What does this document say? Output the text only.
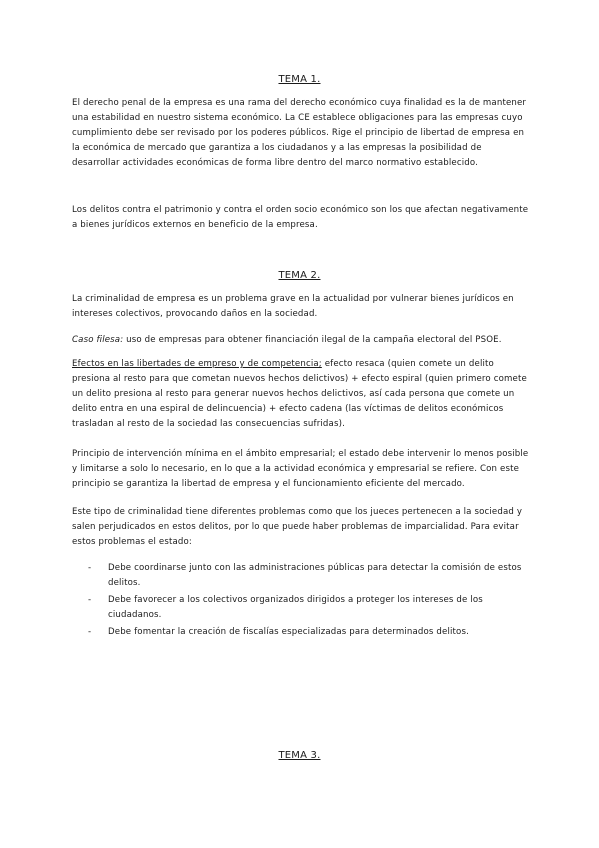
TEMA 1.

El derecho penal de la empresa es una rama del derecho económico cuya finalidad es la de mantener una estabilidad en nuestro sistema económico. La CE establece obligaciones para las empresas cuyo cumplimiento debe ser revisado por los poderes públicos. Rige el principio de libertad de empresa en la económica de mercado que garantiza a los ciudadanos y a las empresas la posibilidad de desarrollar actividades económicas de forma libre dentro del marco normativo establecido.

Los delitos contra el patrimonio y contra el orden socio económico son los que afectan negativamente a bienes jurídicos externos en beneficio de la empresa.

TEMA 2.

La criminalidad de empresa es un problema grave en la actualidad por vulnerar bienes jurídicos en intereses colectivos, provocando daños en la sociedad.

Caso filesa: uso de empresas para obtener financiación ilegal de la campaña electoral del PSOE.

Efectos en las libertades de empreso y de competencia; efecto resaca (quien comete un delito presiona al resto para que cometan nuevos hechos delictivos) + efecto espiral (quien primero comete un delito presiona al resto para generar nuevos hechos delictivos, así cada persona que comete un delito entra en una espiral de delincuencia) + efecto cadena (las víctimas de delitos económicos trasladan al resto de la sociedad las consecuencias sufridas).

Principio de intervención mínima en el ámbito empresarial; el estado debe intervenir lo menos posible y limitarse a solo lo necesario, en lo que a la actividad económica y empresarial se refiere. Con este principio se garantiza la libertad de empresa y el funcionamiento eficiente del mercado.

Este tipo de criminalidad tiene diferentes problemas como que los jueces pertenecen a la sociedad y salen perjudicados en estos delitos, por lo que puede haber problemas de imparcialidad. Para evitar estos problemas el estado:

- Debe coordinarse junto con las administraciones públicas para detectar la comisión de estos delitos.
- Debe favorecer a los colectivos organizados dirigidos a proteger los intereses de los ciudadanos.
- Debe fomentar la creación de fiscalías especializadas para determinados delitos.
TEMA 3.
